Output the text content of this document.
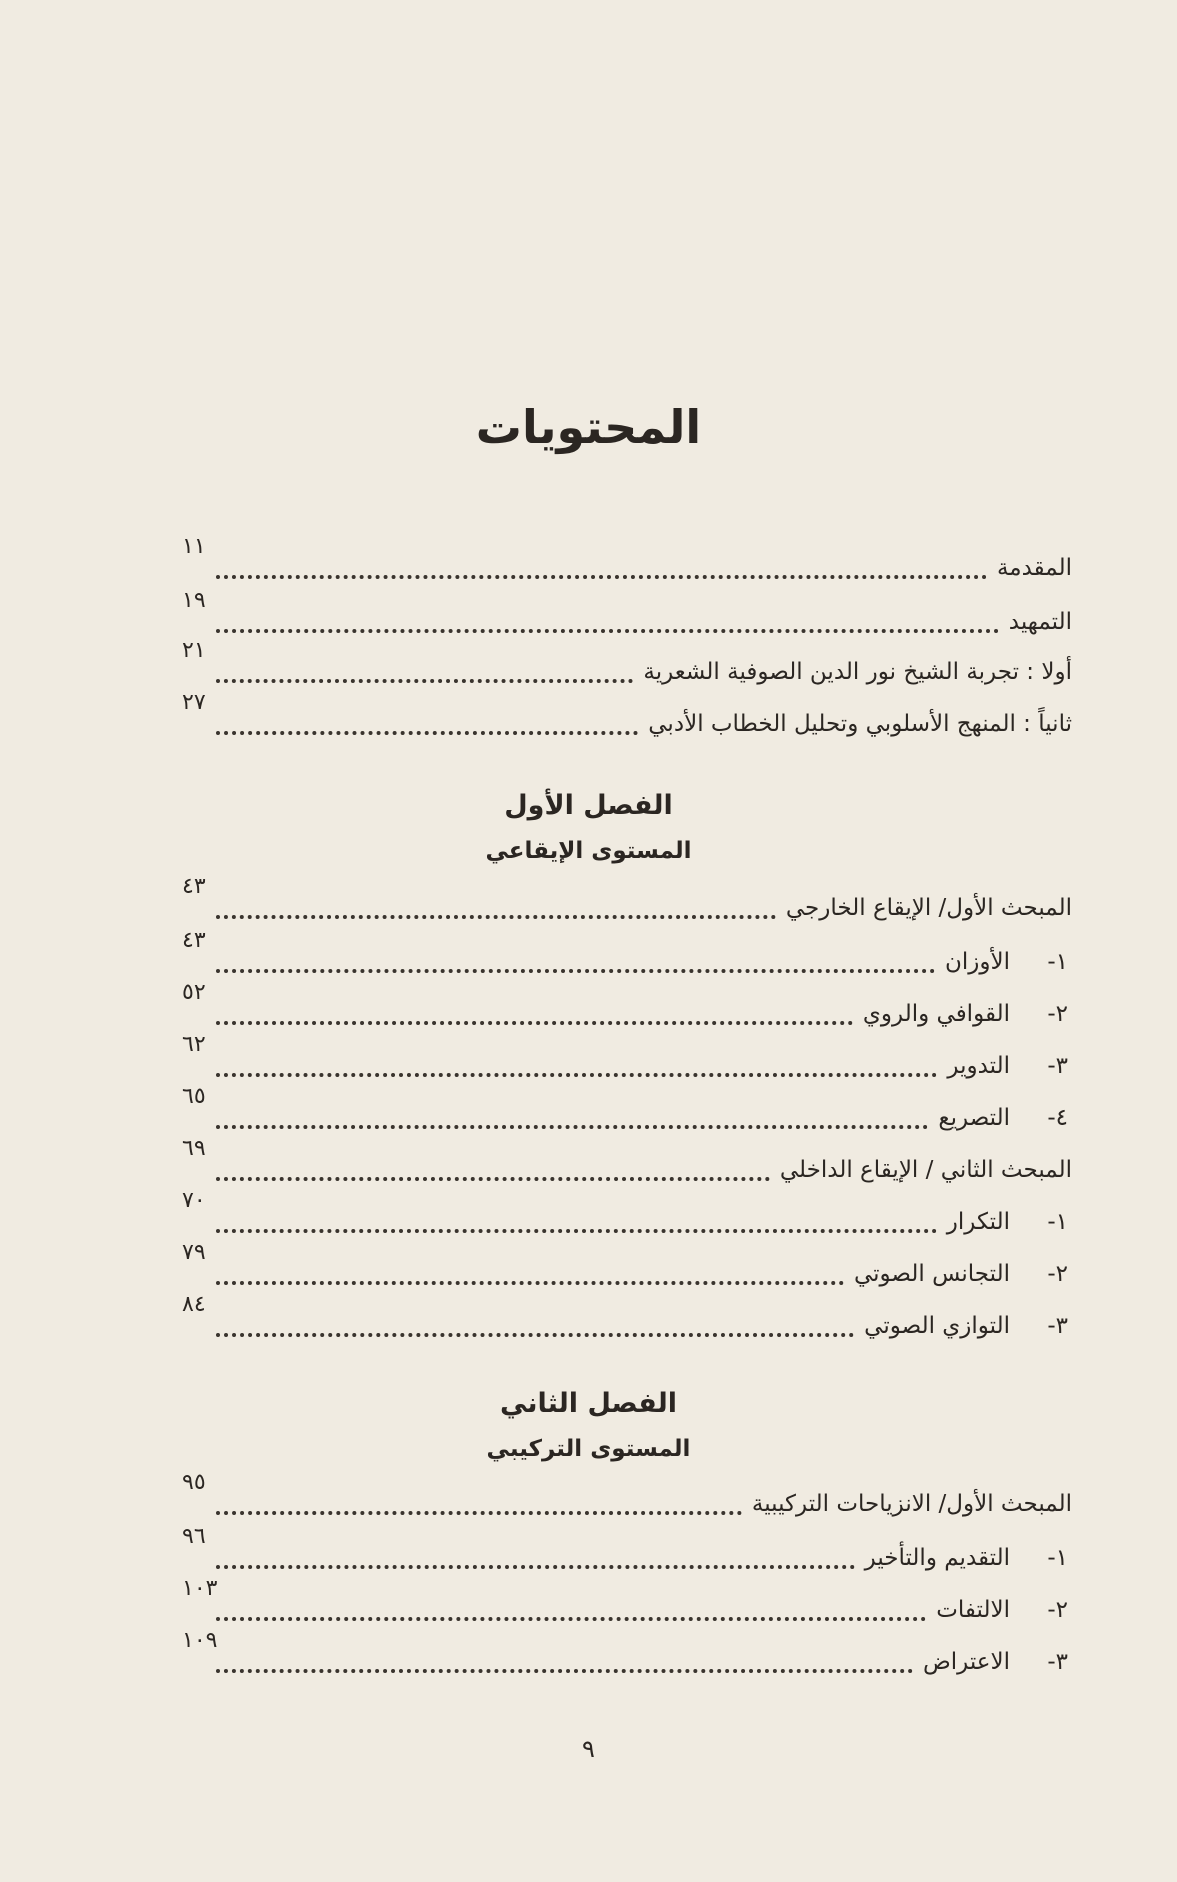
المحتويات
المقدمة
١١
التمهيد
١٩
أولا : تجربة الشيخ نور الدين الصوفية الشعرية
٢١
ثانياً : المنهج الأسلوبي وتحليل الخطاب الأدبي
٢٧
الفصل الأول
المستوى الإيقاعي
المبحث الأول/ الإيقاع الخارجي
٤٣
١-الأوزان
٤٣
٢-القوافي والروي
٥٢
٣-التدوير
٦٢
٤-التصريع
٦٥
المبحث الثاني / الإيقاع الداخلي
٦٩
١-التكرار
٧٠
٢-التجانس الصوتي
٧٩
٣-التوازي الصوتي
٨٤
الفصل الثاني
المستوى التركيبي
المبحث الأول/ الانزياحات التركيبية
٩٥
١-التقديم والتأخير
٩٦
٢-الالتفات
١٠٣
٣-الاعتراض
١٠٩
٩
